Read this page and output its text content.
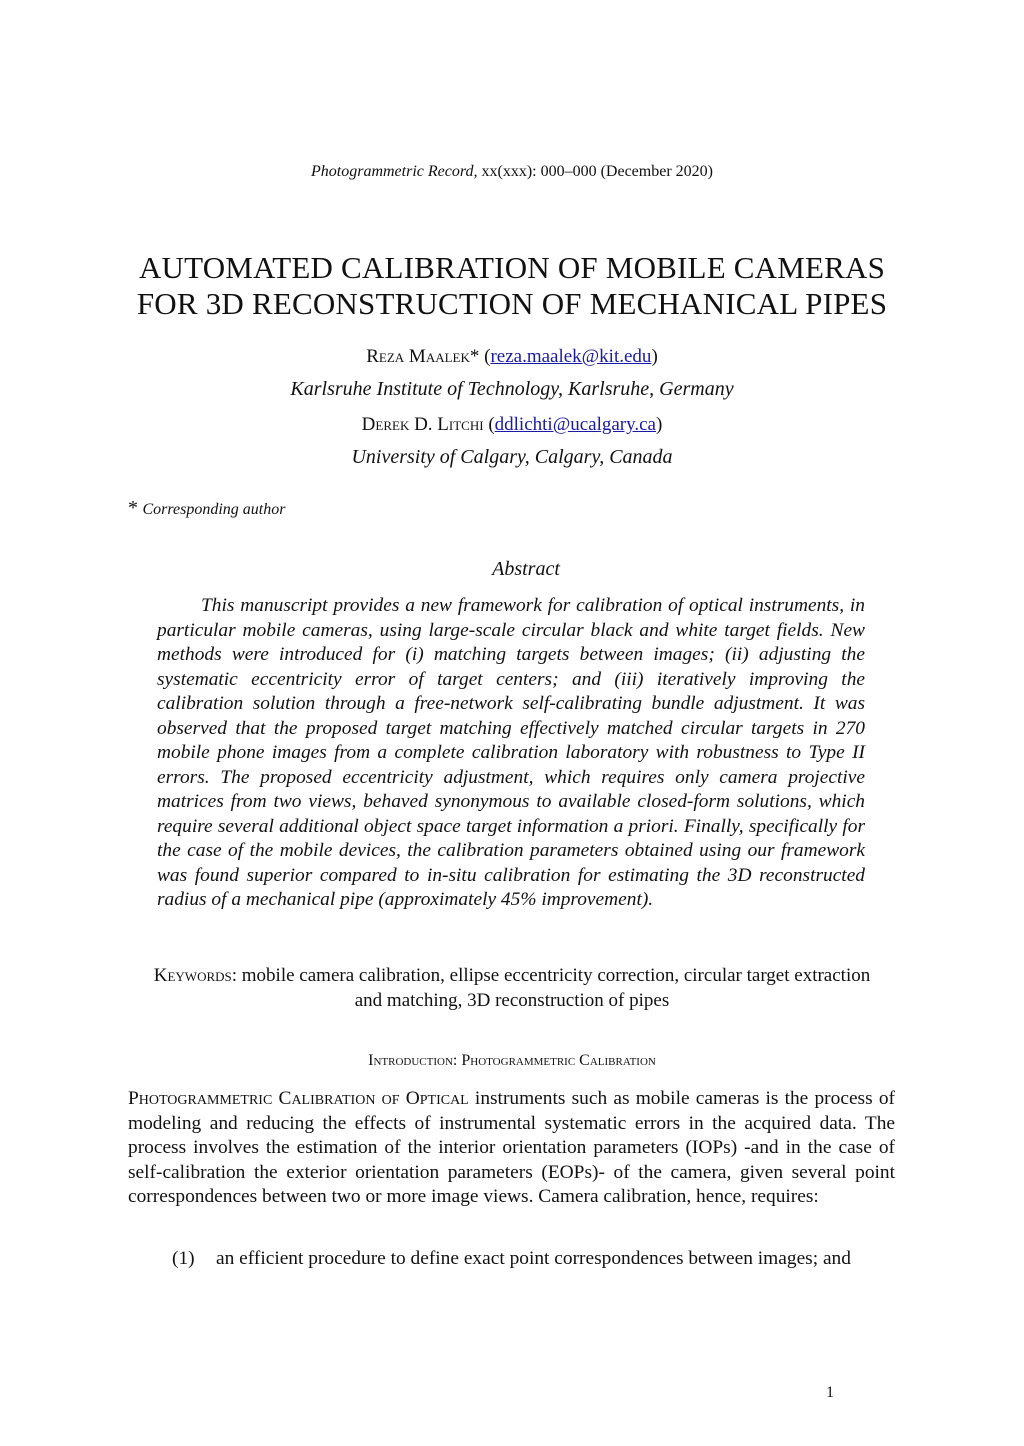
Photogrammetric Record, xx(xxx): 000–000 (December 2020)
AUTOMATED CALIBRATION OF MOBILE CAMERAS
FOR 3D RECONSTRUCTION OF MECHANICAL PIPES
Reza Maalek* (reza.maalek@kit.edu)
Karlsruhe Institute of Technology, Karlsruhe, Germany
Derek D. Litchi (ddlichti@ucalgary.ca)
University of Calgary, Calgary, Canada
* Corresponding author
Abstract
This manuscript provides a new framework for calibration of optical instruments, in particular mobile cameras, using large-scale circular black and white target fields. New methods were introduced for (i) matching targets between images; (ii) adjusting the systematic eccentricity error of target centers; and (iii) iteratively improving the calibration solution through a free-network self-calibrating bundle adjustment. It was observed that the proposed target matching effectively matched circular targets in 270 mobile phone images from a complete calibration laboratory with robustness to Type II errors. The proposed eccentricity adjustment, which requires only camera projective matrices from two views, behaved synonymous to available closed-form solutions, which require several additional object space target information a priori. Finally, specifically for the case of the mobile devices, the calibration parameters obtained using our framework was found superior compared to in-situ calibration for estimating the 3D reconstructed radius of a mechanical pipe (approximately 45% improvement).
Keywords: mobile camera calibration, ellipse eccentricity correction, circular target extraction and matching, 3D reconstruction of pipes
Introduction: Photogrammetric Calibration
Photogrammetric Calibration of Optical instruments such as mobile cameras is the process of modeling and reducing the effects of instrumental systematic errors in the acquired data. The process involves the estimation of the interior orientation parameters (IOPs) -and in the case of self-calibration the exterior orientation parameters (EOPs)- of the camera, given several point correspondences between two or more image views. Camera calibration, hence, requires:
(1) an efficient procedure to define exact point correspondences between images; and
1
